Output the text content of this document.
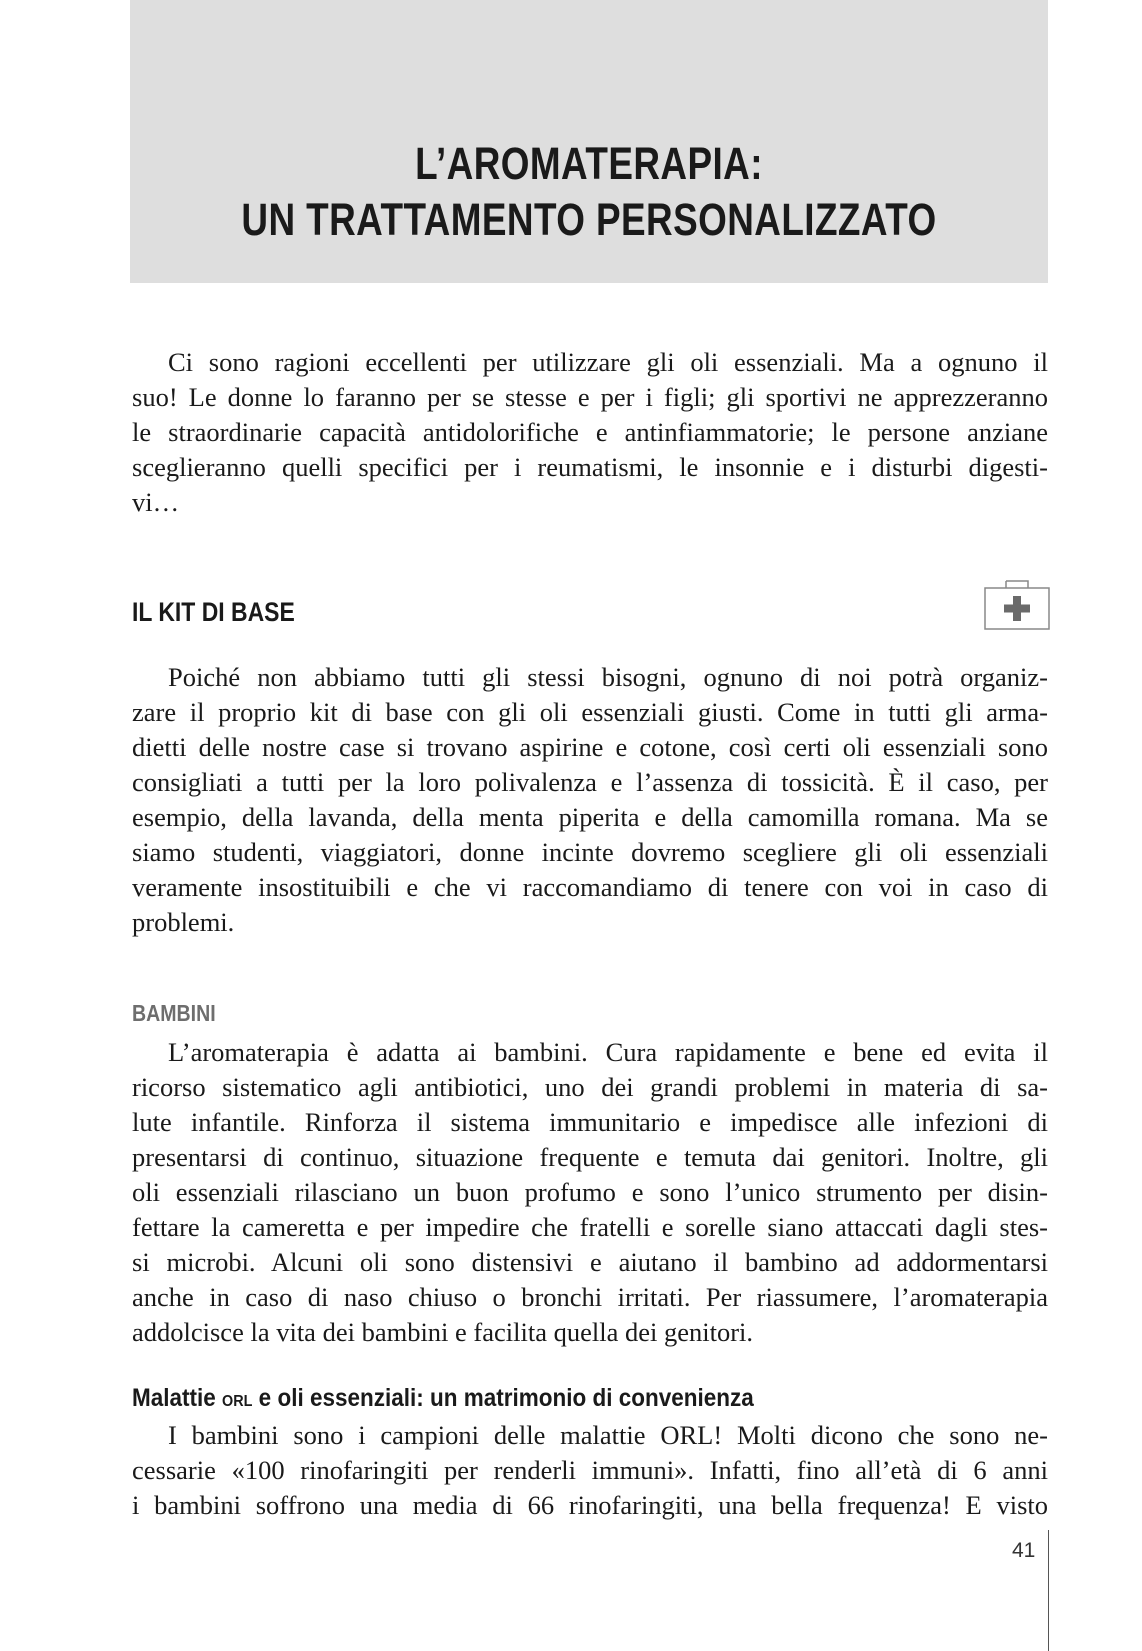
L’AROMATERAPIA:
UN TRATTAMENTO PERSONALIZZATO

Ci sono ragioni eccellenti per utilizzare gli oli essenziali. Ma a ognuno il
suo! Le donne lo faranno per se stesse e per i figli; gli sportivi ne apprezzeranno
le straordinarie capacità antidolorifiche e antinfiammatorie; le persone anziane
sceglieranno quelli specifici per i reumatismi, le insonnie e i disturbi digesti-
vi…

IL KIT DI BASE

Poiché non abbiamo tutti gli stessi bisogni, ognuno di noi potrà organiz-
zare il proprio kit di base con gli oli essenziali giusti. Come in tutti gli arma-
dietti delle nostre case si trovano aspirine e cotone, così certi oli essenziali sono
consigliati a tutti per la loro polivalenza e l’assenza di tossicità. È il caso, per
esempio, della lavanda, della menta piperita e della camomilla romana. Ma se
siamo studenti, viaggiatori, donne incinte dovremo scegliere gli oli essenziali
veramente insostituibili e che vi raccomandiamo di tenere con voi in caso di
problemi.

BAMBINI

L’aromaterapia è adatta ai bambini. Cura rapidamente e bene ed evita il
ricorso sistematico agli antibiotici, uno dei grandi problemi in materia di sa-
lute infantile. Rinforza il sistema immunitario e impedisce alle infezioni di
presentarsi di continuo, situazione frequente e temuta dai genitori. Inoltre, gli
oli essenziali rilasciano un buon profumo e sono l’unico strumento per disin-
fettare la cameretta e per impedire che fratelli e sorelle siano attaccati dagli stes-
si microbi. Alcuni oli sono distensivi e aiutano il bambino ad addormentarsi
anche in caso di naso chiuso o bronchi irritati. Per riassumere, l’aromaterapia
addolcisce la vita dei bambini e facilita quella dei genitori.

Malattie ORL e oli essenziali: un matrimonio di convenienza

I bambini sono i campioni delle malattie ORL! Molti dicono che sono ne-
cessarie «100 rinofaringiti per renderli immuni». Infatti, fino all’età di 6 anni
i bambini soffrono una media di 66 rinofaringiti, una bella frequenza! E visto

41
